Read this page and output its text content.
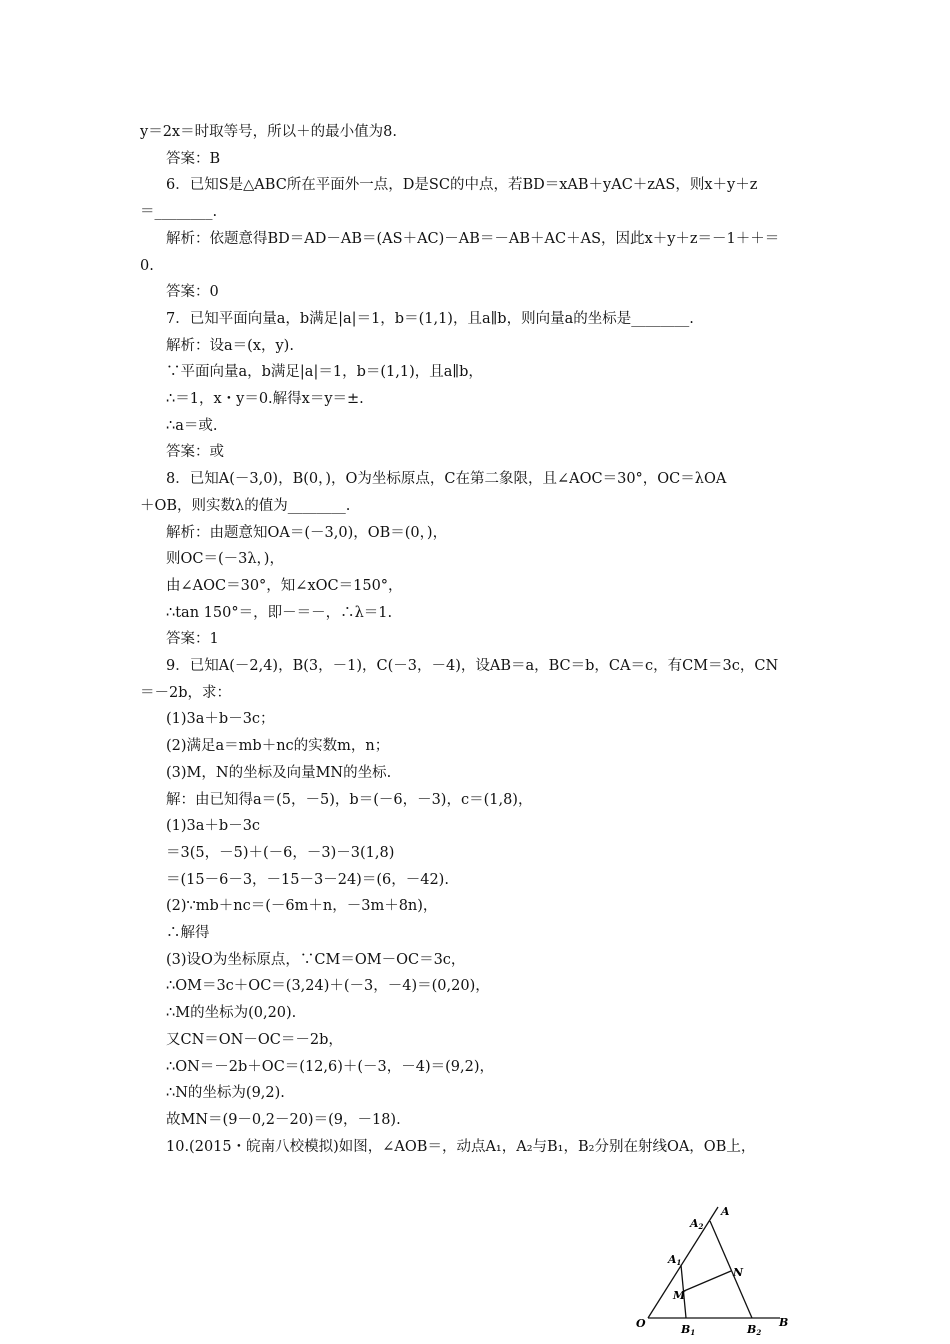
y＝2x＝时取等号，所以＋的最小值为8.
答案：B
6．已知S是△ABC所在平面外一点，D是SC的中点，若BD＝xAB＋yAC＋zAS，则x＋y＋z
＝________.
解析：依题意得BD＝AD－AB＝(AS＋AC)－AB＝－AB＋AC＋AS，因此x＋y＋z＝－1＋＋＝
0.
答案：0
7．已知平面向量a，b满足|a|＝1，b＝(1,1)，且a∥b，则向量a的坐标是________.
解析：设a＝(x，y).
∵平面向量a，b满足|a|＝1，b＝(1,1)，且a∥b，
∴＝1，x・y＝0.解得x＝y＝±.
∴a＝或.
答案：或
8．已知A(－3,0)，B(0，)，O为坐标原点，C在第二象限，且∠AOC＝30°，OC＝λOA
＋OB，则实数λ的值为________.
解析：由题意知OA＝(－3,0)，OB＝(0，)，
则OC＝(－3λ，)，
由∠AOC＝30°，知∠xOC＝150°，
∴tan 150°＝，即－＝－，∴λ＝1.
答案：1
9．已知A(－2,4)，B(3，－1)，C(－3，－4)，设AB＝a，BC＝b，CA＝c，有CM＝3c，CN
＝－2b，求：
(1)3a＋b－3c；
(2)满足a＝mb＋nc的实数m，n；
(3)M，N的坐标及向量MN的坐标.
解：由已知得a＝(5，－5)，b＝(－6，－3)，c＝(1,8)，
(1)3a＋b－3c
＝3(5，－5)＋(－6，－3)－3(1,8)
＝(15－6－3，－15－3－24)＝(6，－42).
(2)∵mb＋nc＝(－6m＋n，－3m＋8n)，
∴解得
(3)设O为坐标原点，∵CM＝OM－OC＝3c，
∴OM＝3c＋OC＝(3,24)＋(－3，－4)＝(0,20)，
∴M的坐标为(0,20).
又CN＝ON－OC＝－2b，
∴ON＝－2b＋OC＝(12,6)＋(－3，－4)＝(9,2)，
∴N的坐标为(9,2).
故MN＝(9－0,2－20)＝(9，－18).
10.(2015・皖南八校模拟)如图，∠AOB＝，动点A₁，A₂与B₁，B₂分别在射线OA，OB上，
A
A2
A1
N
M
O	B1	B2
B
